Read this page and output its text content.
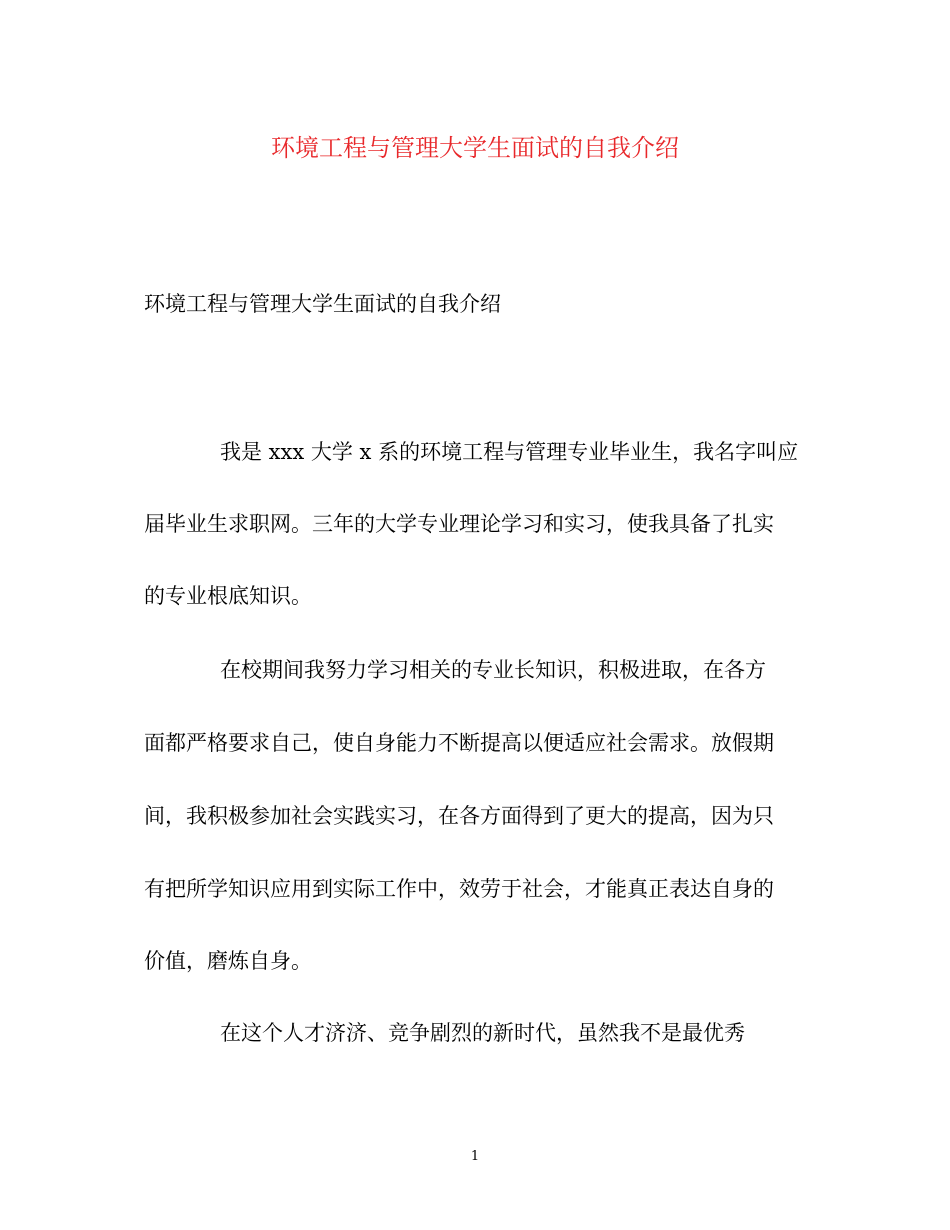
环境工程与管理大学生面试的自我介绍
环境工程与管理大学生面试的自我介绍
我是 xxx 大学 x 系的环境工程与管理专业毕业生，我名字叫应
届毕业生求职网。三年的大学专业理论学习和实习，使我具备了扎实
的专业根底知识。
在校期间我努力学习相关的专业长知识，积极进取，在各方
面都严格要求自己，使自身能力不断提高以便适应社会需求。放假期
间，我积极参加社会实践实习，在各方面得到了更大的提高，因为只
有把所学知识应用到实际工作中，效劳于社会，才能真正表达自身的
价值，磨炼自身。
在这个人才济济、竞争剧烈的新时代，虽然我不是最优秀
1
